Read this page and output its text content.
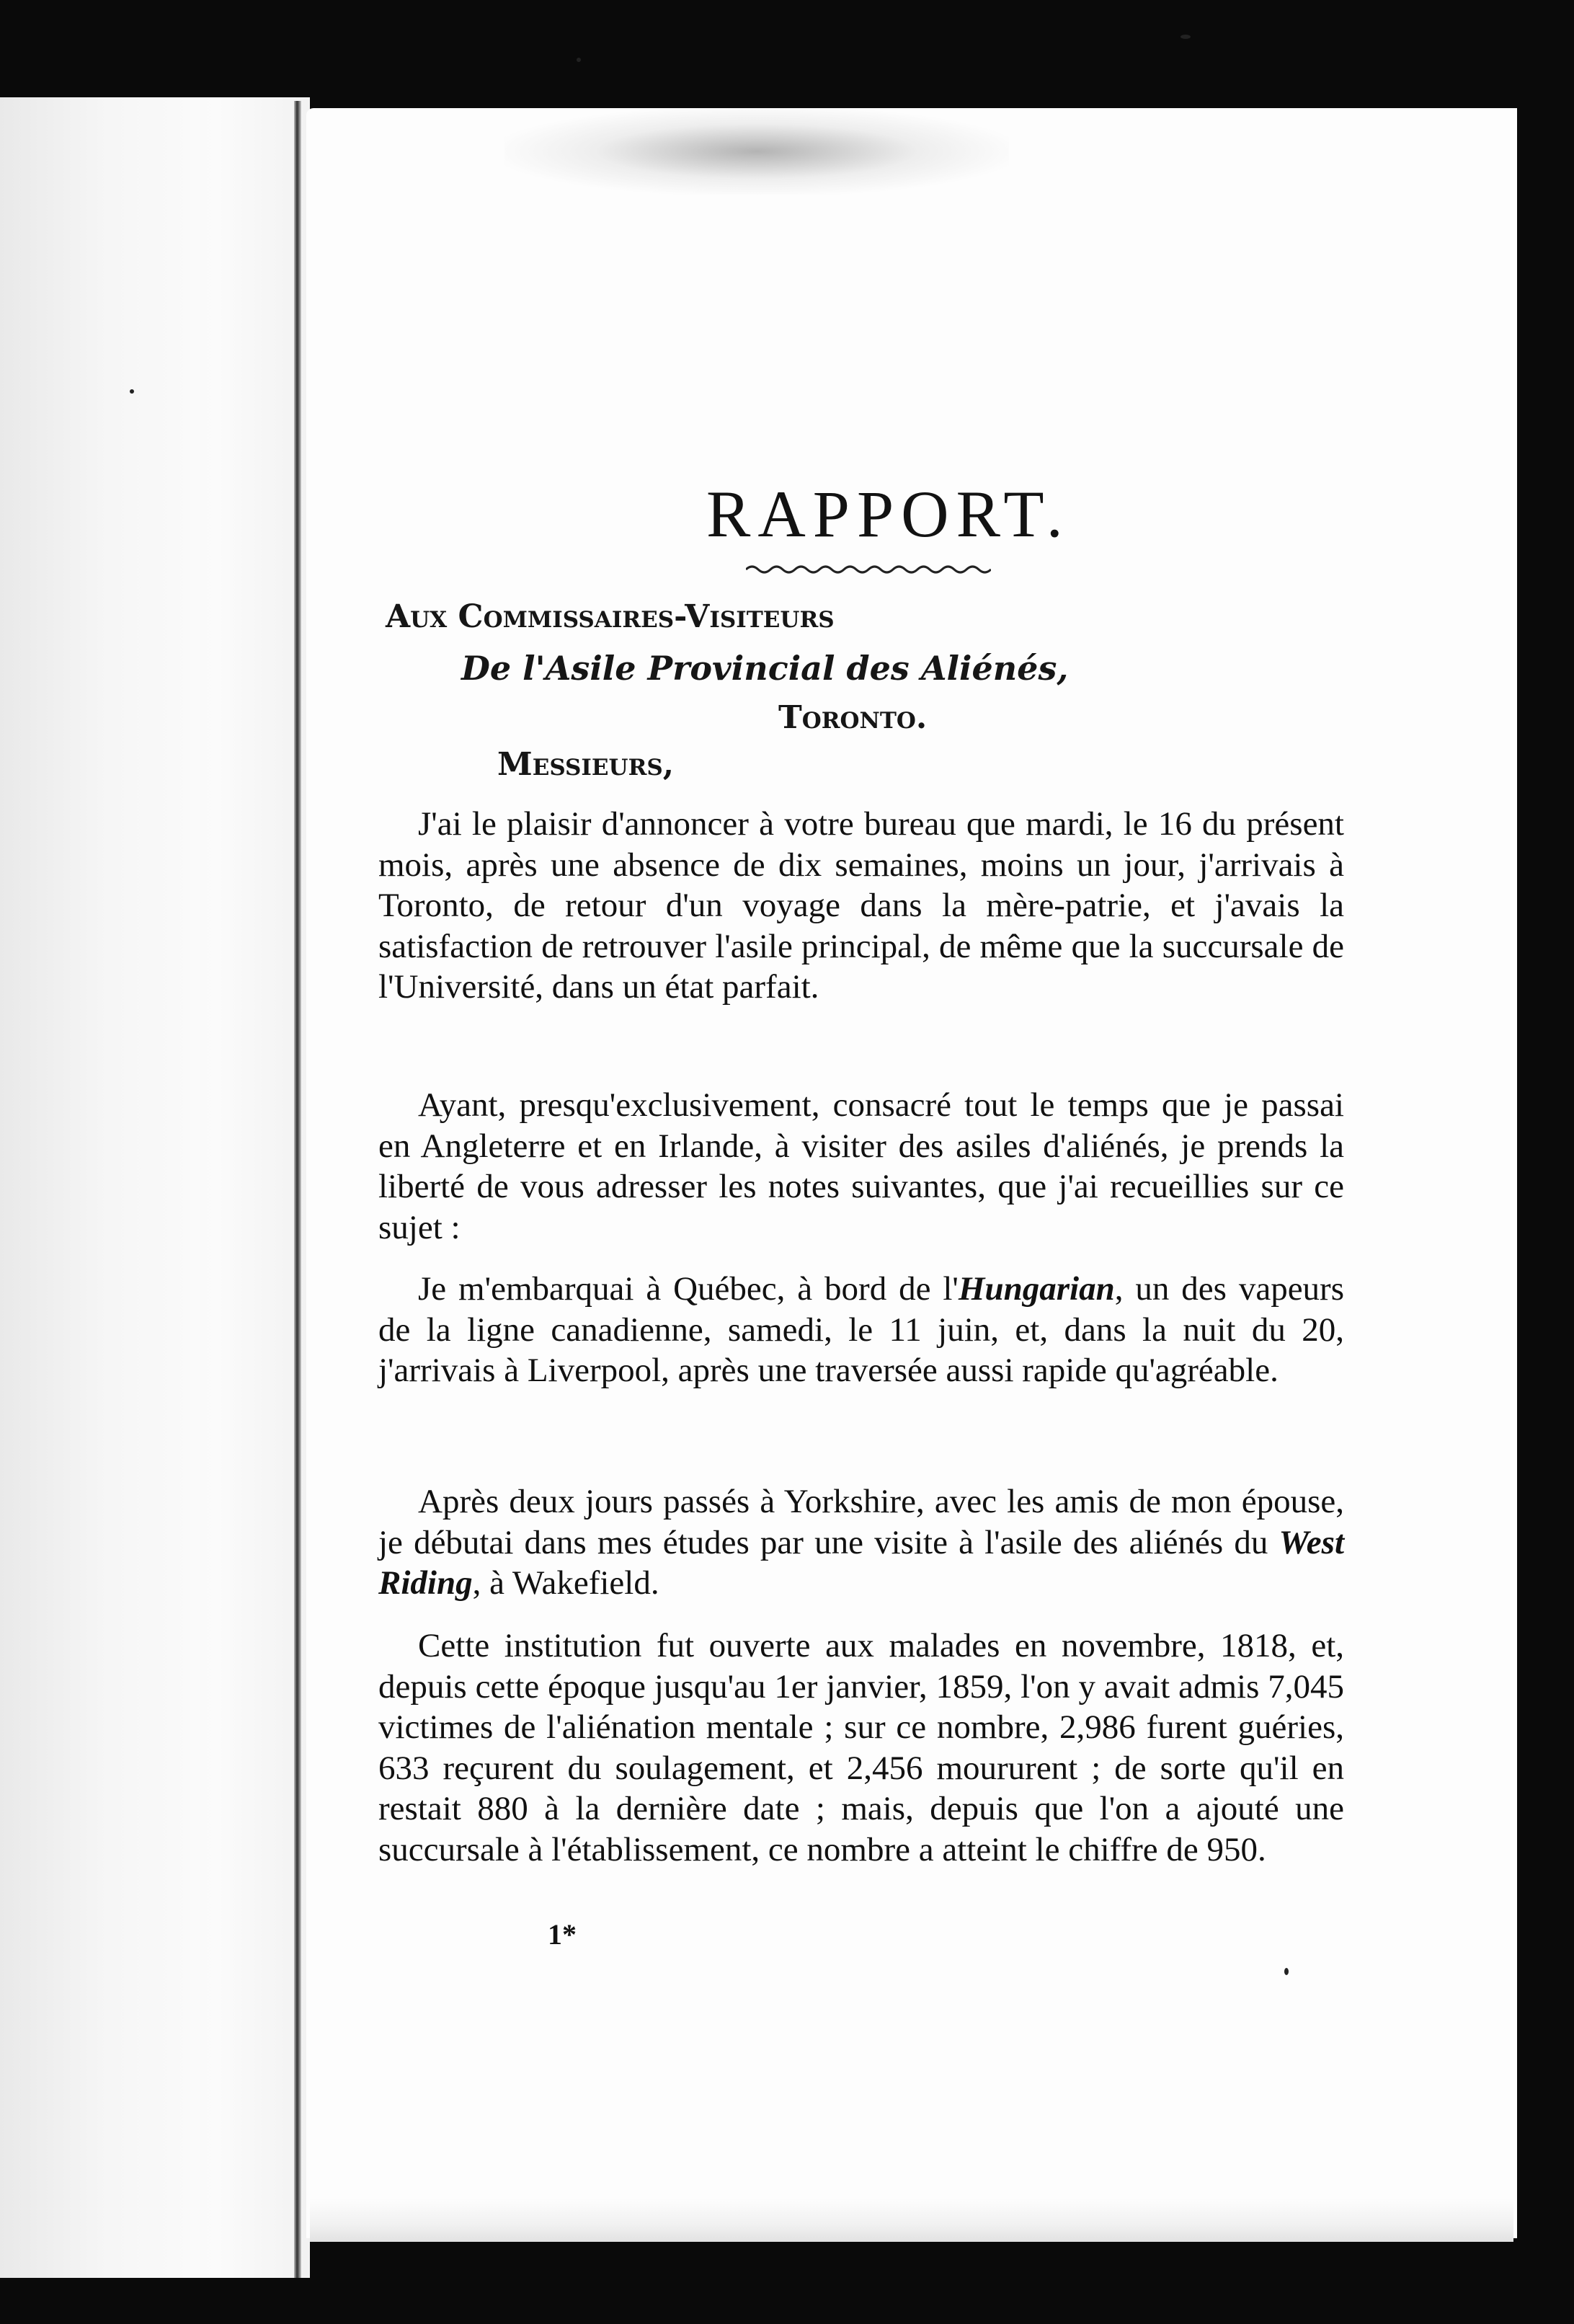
RAPPORT.
Aux Commissaires-Visiteurs
De l'Asile Provincial des Aliénés,
Toronto.
Messieurs,

J'ai le plaisir d'annoncer à votre bureau que mardi, le 16 du présent mois, après une absence de dix semaines, moins un jour, j'arrivais à Toronto, de retour d'un voyage dans la mère-patrie, et j'avais la satisfaction de retrouver l'asile principal, de même que la succursale de l'Université, dans un état parfait.

Ayant, presqu'exclusivement, consacré tout le temps que je passai en Angleterre et en Irlande, à visiter des asiles d'aliénés, je prends la liberté de vous adresser les notes suivantes, que j'ai recueillies sur ce sujet :

Je m'embarquai à Québec, à bord de l'Hungarian, un des vapeurs de la ligne canadienne, samedi, le 11 juin, et, dans la nuit du 20, j'arrivais à Liverpool, après une traversée aussi rapide qu'agréable.

Après deux jours passés à Yorkshire, avec les amis de mon épouse, je débutai dans mes études par une visite à l'asile des aliénés du West Riding, à Wakefield.

Cette institution fut ouverte aux malades en novembre, 1818, et, depuis cette époque jusqu'au 1er janvier, 1859, l'on y avait admis 7,045 victimes de l'aliénation mentale ; sur ce nombre, 2,986 furent guéries, 633 reçurent du soulagement, et 2,456 moururent ; de sorte qu'il en restait 880 à la dernière date ; mais, depuis que l'on a ajouté une succursale à l'établissement, ce nombre a atteint le chiffre de 950.

1*
